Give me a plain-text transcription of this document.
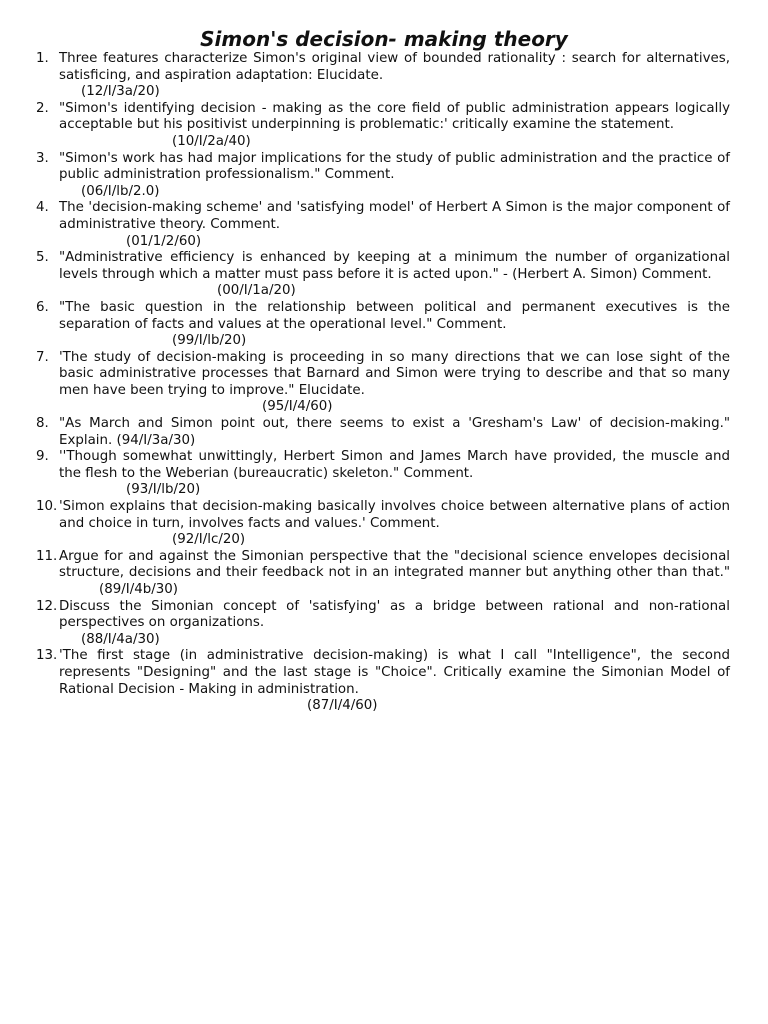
Simon's decision- making theory
1. Three features characterize Simon's original view of bounded rationality : search for alternatives, satisficing, and aspiration adaptation: Elucidate.
(12/I/3a/20)
2. "Simon's identifying decision - making as the core field of public administration appears logically acceptable but his positivist underpinning is problematic:' critically examine the statement.
(10/I/2a/40)
3. "Simon's work has had major implications for the study of public administration and the practice of public administration professionalism." Comment.
(06/I/lb/2.0)
4. The 'decision-making scheme' and 'satisfying model' of Herbert A Simon is the major component of administrative theory. Comment.
(01/1/2/60)
5. "Administrative efficiency is enhanced by keeping at a minimum the number of organizational levels through which a matter must pass before it is acted upon." - (Herbert A. Simon) Comment.
(00/I/1a/20)
6. "The basic question in the relationship between political and permanent executives is the separation of facts and values at the operational level." Comment.
(99/I/lb/20)
7. 'The study of decision-making is proceeding in so many directions that we can lose sight of the basic administrative processes that Barnard and Simon were trying to describe and that so many men have been trying to improve." Elucidate.
(95/I/4/60)
8. "As March and Simon point out, there seems to exist a 'Gresham's Law' of decision-making." Explain. (94/I/3a/30)
9. ''Though somewhat unwittingly, Herbert Simon and James March have provided, the muscle and the flesh to the Weberian (bureaucratic) skeleton." Comment.
(93/I/lb/20)
10. 'Simon explains that decision-making basically involves choice between alternative plans of action and choice in turn, involves facts and values.' Comment.
(92/I/lc/20)
11. Argue for and against the Simonian perspective that the "decisional science envelopes decisional structure, decisions and their feedback not in an integrated manner but anything other than that."(89/I/4b/30)
12. Discuss the Simonian concept of 'satisfying' as a bridge between rational and non-rational perspectives on organizations.
(88/I/4a/30)
13. 'The first stage (in administrative decision-making) is what I call "Intelligence", the second represents "Designing" and the last stage is "Choice". Critically examine the Simonian Model of Rational Decision - Making in administration.
(87/I/4/60)
